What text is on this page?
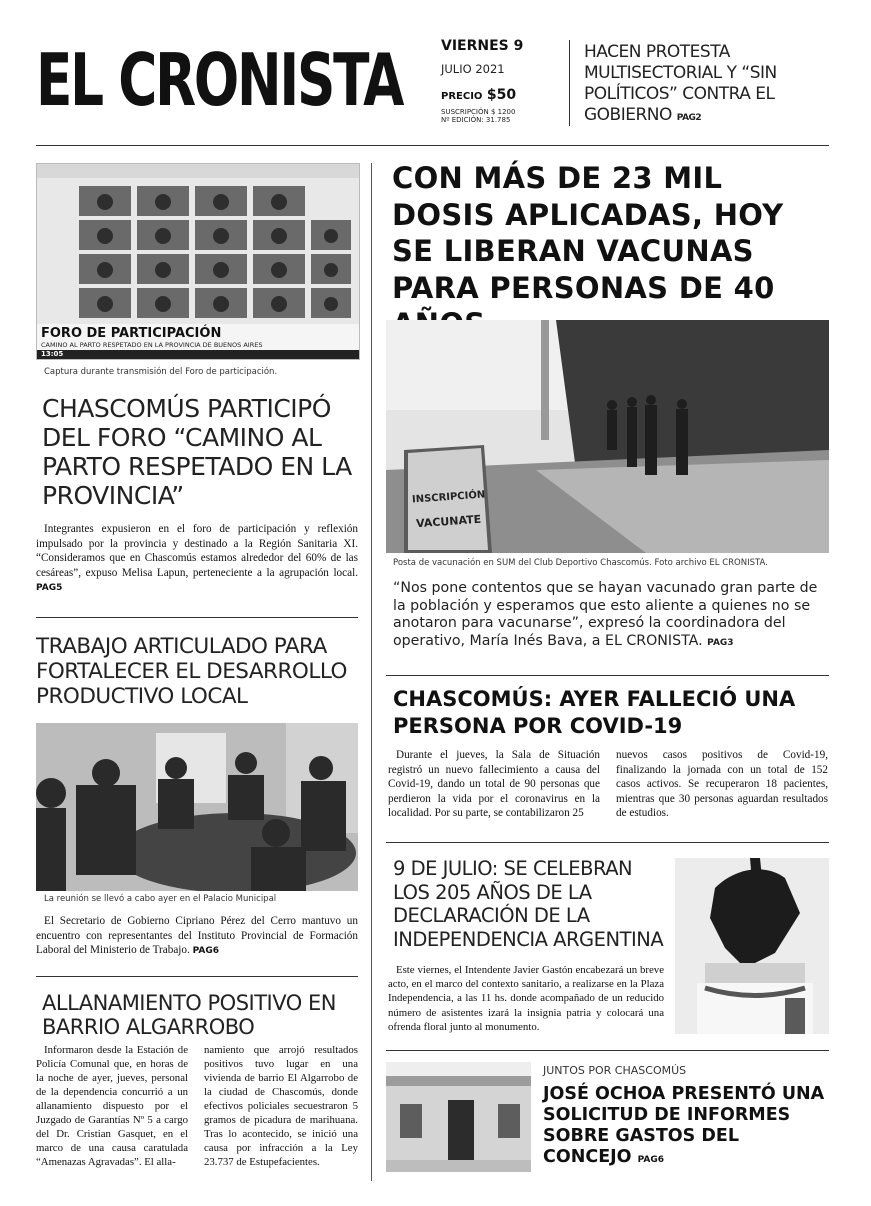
EL CRONISTA	VIERNES 9
JULIO 2021
PRECIO $50
SUSCRIPCIÓN $ 1200
Nº EDICIÓN: 31.785
HACEN PROTESTA MULTISECTORIAL Y “SIN POLÍTICOS” CONTRA EL GOBIERNO PAG2
FORO DE PARTICIPACIÓN
CAMINO AL PARTO RESPETADO EN LA PROVINCIA DE BUENOS AIRES
13:05
Captura durante transmisión del Foro de participación.
CHASCOMÚS PARTICIPÓ DEL FORO “CAMINO AL PARTO RESPETADO EN LA PROVINCIA”
Integrantes expusieron en el foro de participación y reflexión impulsado por la provincia y destinado a la Región Sanitaria XI. “Consideramos que en Chascomús estamos alrededor del 60% de las cesáreas”, expuso Melisa Lapun, perteneciente a la agrupación local. PAG5
TRABAJO ARTICULADO PARA FORTALECER EL DESARROLLO PRODUCTIVO LOCAL
La reunión se llevó a cabo ayer en el Palacio Municipal
El Secretario de Gobierno Cipriano Pérez del Cerro mantuvo un encuentro con representantes del Instituto Provincial de Formación Laboral del Ministerio de Trabajo. PAG6
ALLANAMIENTO POSITIVO EN BARRIO ALGARROBO
Informaron desde la Estación de Policía Comunal que, en horas de la noche de ayer, jueves, personal de la dependencia concurrió a un allanamiento dispuesto por el Juzgado de Garantías Nº 5 a cargo del Dr. Cristian Gasquet, en el marco de una causa caratulada “Amenazas Agravadas”. El alla-
namiento que arrojó resultados positivos tuvo lugar en una vivienda de barrio El Algarrobo de la ciudad de Chascomús, donde efectivos policiales secuestraron 5 gramos de picadura de marihuana. Tras lo acontecido, se inició una causa por infracción a la Ley 23.737 de Estupefacientes.
CON MÁS DE 23 MIL DOSIS APLICADAS, HOY SE LIBERAN VACUNAS PARA PERSONAS DE 40
INSCRIPCIÓN
VACUNATE
Posta de vacunación en SUM del Club Deportivo Chascomús. Foto archivo EL CRONISTA.
“Nos pone contentos que se hayan vacunado gran parte de la población y esperamos que esto aliente a quienes no se anotaron para vacunarse”, expresó la coordinadora del operativo, María Inés Bava, a EL CRONISTA. PAG3
CHASCOMÚS: AYER FALLECIÓ UNA PERSONA POR COVID-19
Durante el jueves, la Sala de Situación registró un nuevo fallecimiento a causa del Covid-19, dando un total de 90 personas que perdieron la vida por el coronavirus en la localidad. Por su parte, se contabilizaron 25
nuevos casos positivos de Covid-19, finalizando la jornada con un total de 152 casos activos. Se recuperaron 18 pacientes, mientras que 30 personas aguardan resultados de estudios.
9 DE JULIO: SE CELEBRAN LOS 205 AÑOS DE LA DECLARACIÓN DE LA INDEPENDENCIA ARGENTINA
Este viernes, el Intendente Javier Gastón encabezará un breve acto, en el marco del contexto sanitario, a realizarse en la Plaza Independencia, a las 11 hs. donde acompañado de un reducido número de asistentes izará la insignia patria y colocará una ofrenda floral junto al monumento.
JUNTOS POR CHASCOMÚS
JOSÉ OCHOA PRESENTÓ UNA SOLICITUD DE INFORMES SOBRE GASTOS DEL CONCEJO PAG6
